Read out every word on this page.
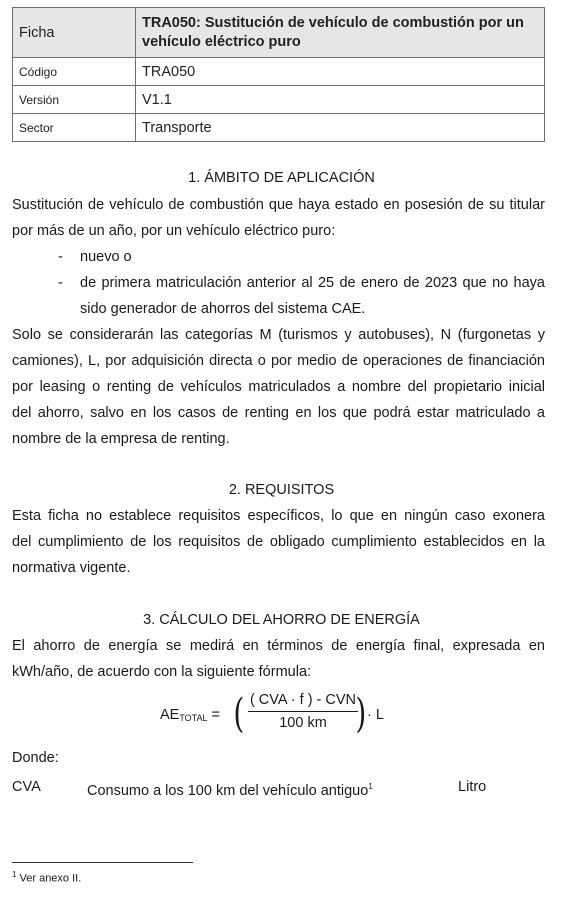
Ficha	TRA050: Sustitución de vehículo de combustión por un vehículo eléctrico puro
Código	TRA050
Versión	V1.1
Sector	Transporte
1. ÁMBITO DE APLICACIÓN
Sustitución de vehículo de combustión que haya estado en posesión de su titular
por más de un año, por un vehículo eléctrico puro:
- nuevo o
- de primera matriculación anterior al 25 de enero de 2023 que no haya
sido generador de ahorros del sistema CAE.
Solo se considerarán las categorías M (turismos y autobuses), N (furgonetas y
camiones), L, por adquisición directa o por medio de operaciones de financiación
por leasing o renting de vehículos matriculados a nombre del propietario inicial
del ahorro, salvo en los casos de renting en los que podrá estar matriculado a
nombre de la empresa de renting.
2. REQUISITOS
Esta ficha no establece requisitos específicos, lo que en ningún caso exonera
del cumplimiento de los requisitos de obligado cumplimiento establecidos en la
normativa vigente.
3. CÁLCULO DEL AHORRO DE ENERGÍA
El ahorro de energía se medirá en términos de energía final, expresada en
kWh/año, de acuerdo con la siguiente fórmula:
$AE_{TOTAL}$ = ( ( CVA · f ) - CVN
100 km ) · L
Donde:
CVA	Consumo a los 100 km del vehículo antiguo$^1$	Litro
$^1$ Ver anexo II.
